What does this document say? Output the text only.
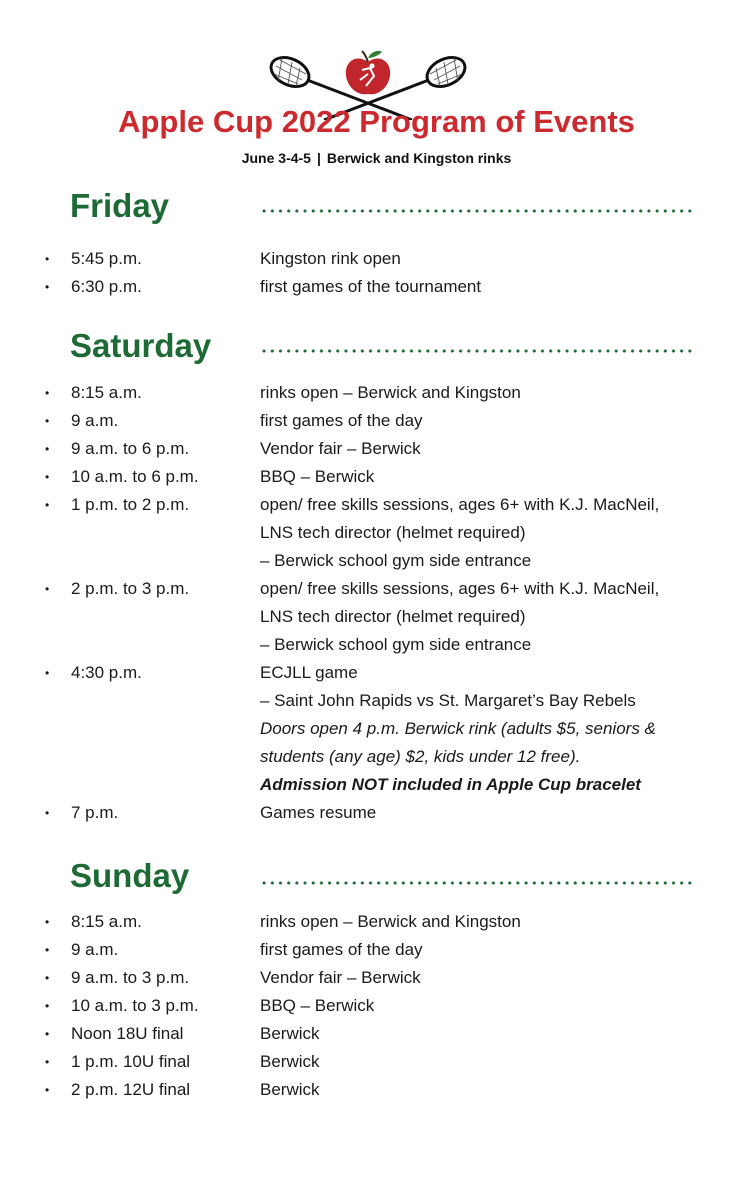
Apple Cup 2022 Program of Events
June 3-4-5 | Berwick and Kingston rinks
Friday
• 5:45 p.m.	Kingston rink open
• 6:30 p.m.	first games of the tournament
Saturday
• 8:15 a.m.	rinks open – Berwick and Kingston
• 9 a.m.	first games of the day
• 9 a.m. to 6 p.m.	Vendor fair – Berwick
• 10 a.m. to 6 p.m.	BBQ – Berwick
• 1 p.m. to 2 p.m.	open/ free skills sessions, ages 6+ with K.J. MacNeil,
LNS tech director (helmet required)
– Berwick school gym side entrance
• 2 p.m. to 3 p.m.	open/ free skills sessions, ages 6+ with K.J. MacNeil,
LNS tech director (helmet required)
– Berwick school gym side entrance
• 4:30 p.m.	ECJLL game
– Saint John Rapids vs St. Margaret’s Bay Rebels
Doors open 4 p.m. Berwick rink (adults $5, seniors &
students (any age) $2, kids under 12 free).
Admission NOT included in Apple Cup bracelet
• 7 p.m.	Games resume
Sunday
• 8:15 a.m.	rinks open – Berwick and Kingston
• 9 a.m.	first games of the day
• 9 a.m. to 3 p.m.	Vendor fair – Berwick
• 10 a.m. to 3 p.m.	BBQ – Berwick
• Noon 18U final	Berwick
• 1 p.m. 10U final	Berwick
• 2 p.m. 12U final	Berwick
